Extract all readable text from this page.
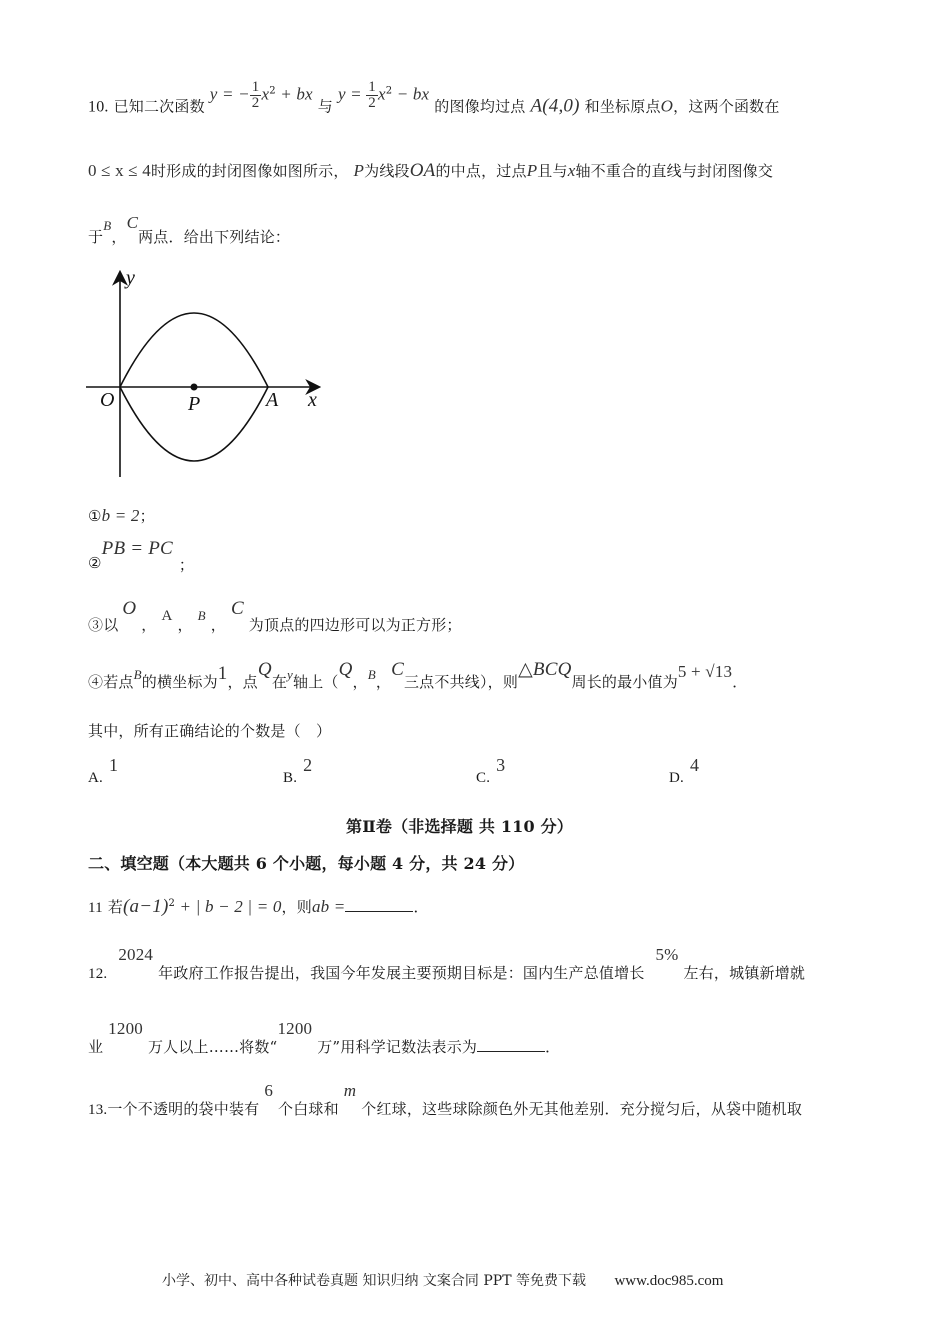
10. 已知二次函数 y = − $\frac{1}{2} x^2$ + bx 与 $y = \frac{1}{2} x^2$ − bx 的图像均过点 A(4,0) 和坐标原点O，这两个函数在
0 ≤ x ≤ 4时形成的封闭图像如图所示， P为线段OA的中点，过点P且与x轴不重合的直线与封闭图像交
于B，C两点．给出下列结论：
y
x
O	P	A
①b = 2；
②PB = PC；
③以O ， A ， B ， C 为顶点的四边形可以为正方形；
④若点B的横坐标为1，点Q在y轴上（Q，B，C三点不共线），则△BCQ周长的最小值为5 + √13．
其中，所有正确结论的个数是（　）
A.1
B.2
C.3
D.4
第Ⅱ卷（非选择题 共 110 分）
二、填空题（本大题共 6 个小题，每小题 4 分，共 24 分）
11 若$(a-1)^2$ + | b − 2 | = 0，则ab =	．
12. 2024 年政府工作报告提出，我国今年发展主要预期目标是：国内生产总值增长 5% 左右，城镇新增就
业 1200 万人以上……将数“1200 万”用科学记数法表示为	．
13.一个不透明的袋中装有 6 个白球和 m 个红球，这些球除颜色外无其他差别．充分搅匀后，从袋中随机取
小学、初中、高中各种试卷真题 知识归纳 文案合同 PPT 等免费下载 www.doc985.com
